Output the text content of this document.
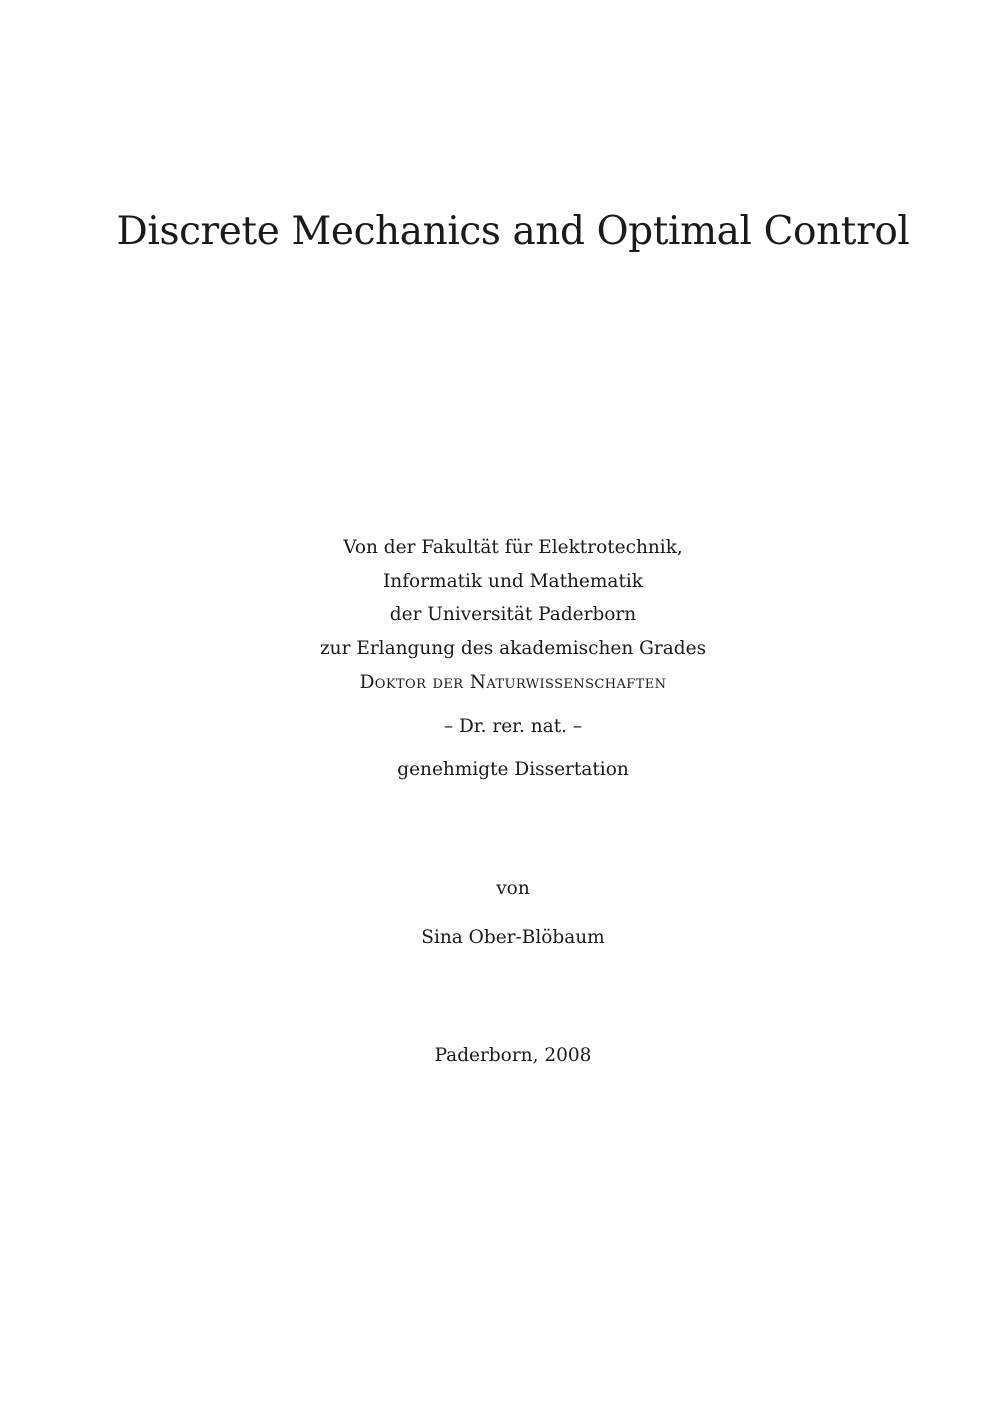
Discrete Mechanics and Optimal Control
Von der Fakultät für Elektrotechnik,
Informatik und Mathematik
der Universität Paderborn
zur Erlangung des akademischen Grades
Doktor der Naturwissenschaften
– Dr. rer. nat. –
genehmigte Dissertation
von
Sina Ober-Blöbaum
Paderborn, 2008
